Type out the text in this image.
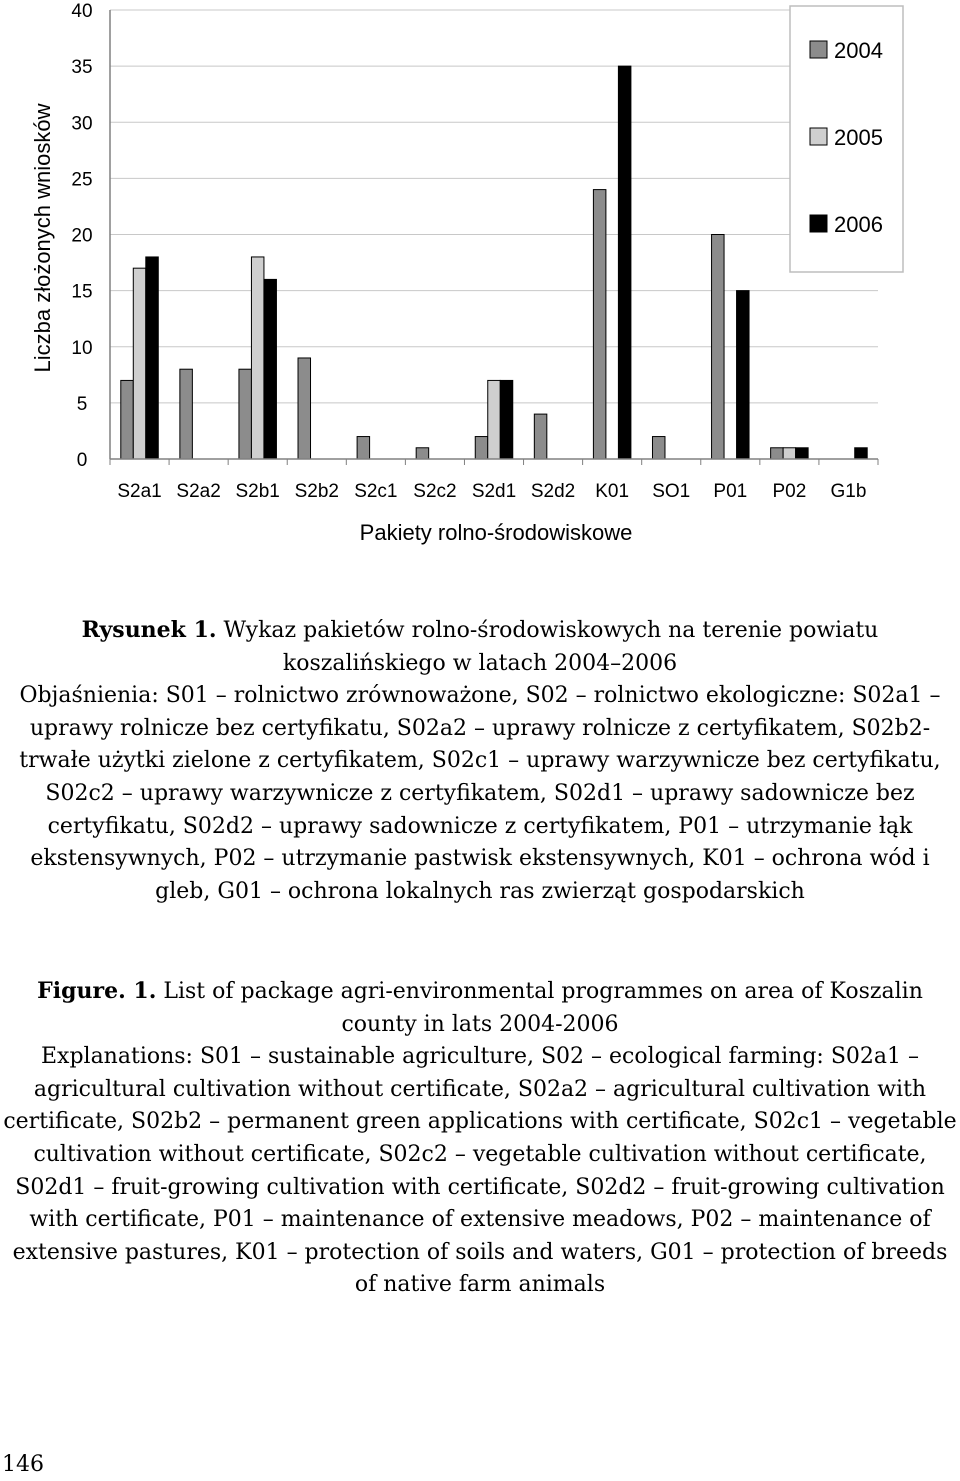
0
5
10
15
20
25
30
35
40
S2a1 S2a2 S2b1 S2b2 S2c1 S2c2 S2d1 S2d2 K01 SO1 P01 P02 G1b
Liczba złożonych wniosków
Pakiety rolno-środowiskowe
2004
2005
2006

Rysunek 1. Wykaz pakietów rolno-środowiskowych na terenie powiatu koszalińskiego w latach 2004–2006

Objaśnienia: S01 – rolnictwo zrównoważone, S02 – rolnictwo ekologiczne: S02a1 – uprawy rolnicze bez certyfikatu, S02a2 – uprawy rolnicze z certyfikatem, S02b2- trwałe użytki zielone z certyfikatem, S02c1 – uprawy warzywnicze bez certyfikatu, S02c2 – uprawy warzywnicze z certyfikatem, S02d1 – uprawy sadownicze bez certyfikatu, S02d2 – uprawy sadownicze z certyfikatem, P01 – utrzymanie łąk ekstensywnych, P02 – utrzymanie pastwisk ekstensywnych, K01 – ochrona wód i gleb, G01 – ochrona lokalnych ras zwierząt gospodarskich

Figure. 1. List of package agri-environmental programmes on area of Koszalin county in lats 2004-2006

Explanations: S01 – sustainable agriculture, S02 – ecological farming: S02a1 – agricultural cultivation without certificate, S02a2 – agricultural cultivation with certificate, S02b2 – permanent green applications with certificate, S02c1 – vegetable cultivation without certificate, S02c2 – vegetable cultivation without certificate, S02d1 – fruit-growing cultivation with certificate, S02d2 – fruit-growing cultivation with certificate, P01 – maintenance of extensive meadows, P02 – maintenance of extensive pastures, K01 – protection of soils and waters, G01 – protection of breeds of native farm animals

146
